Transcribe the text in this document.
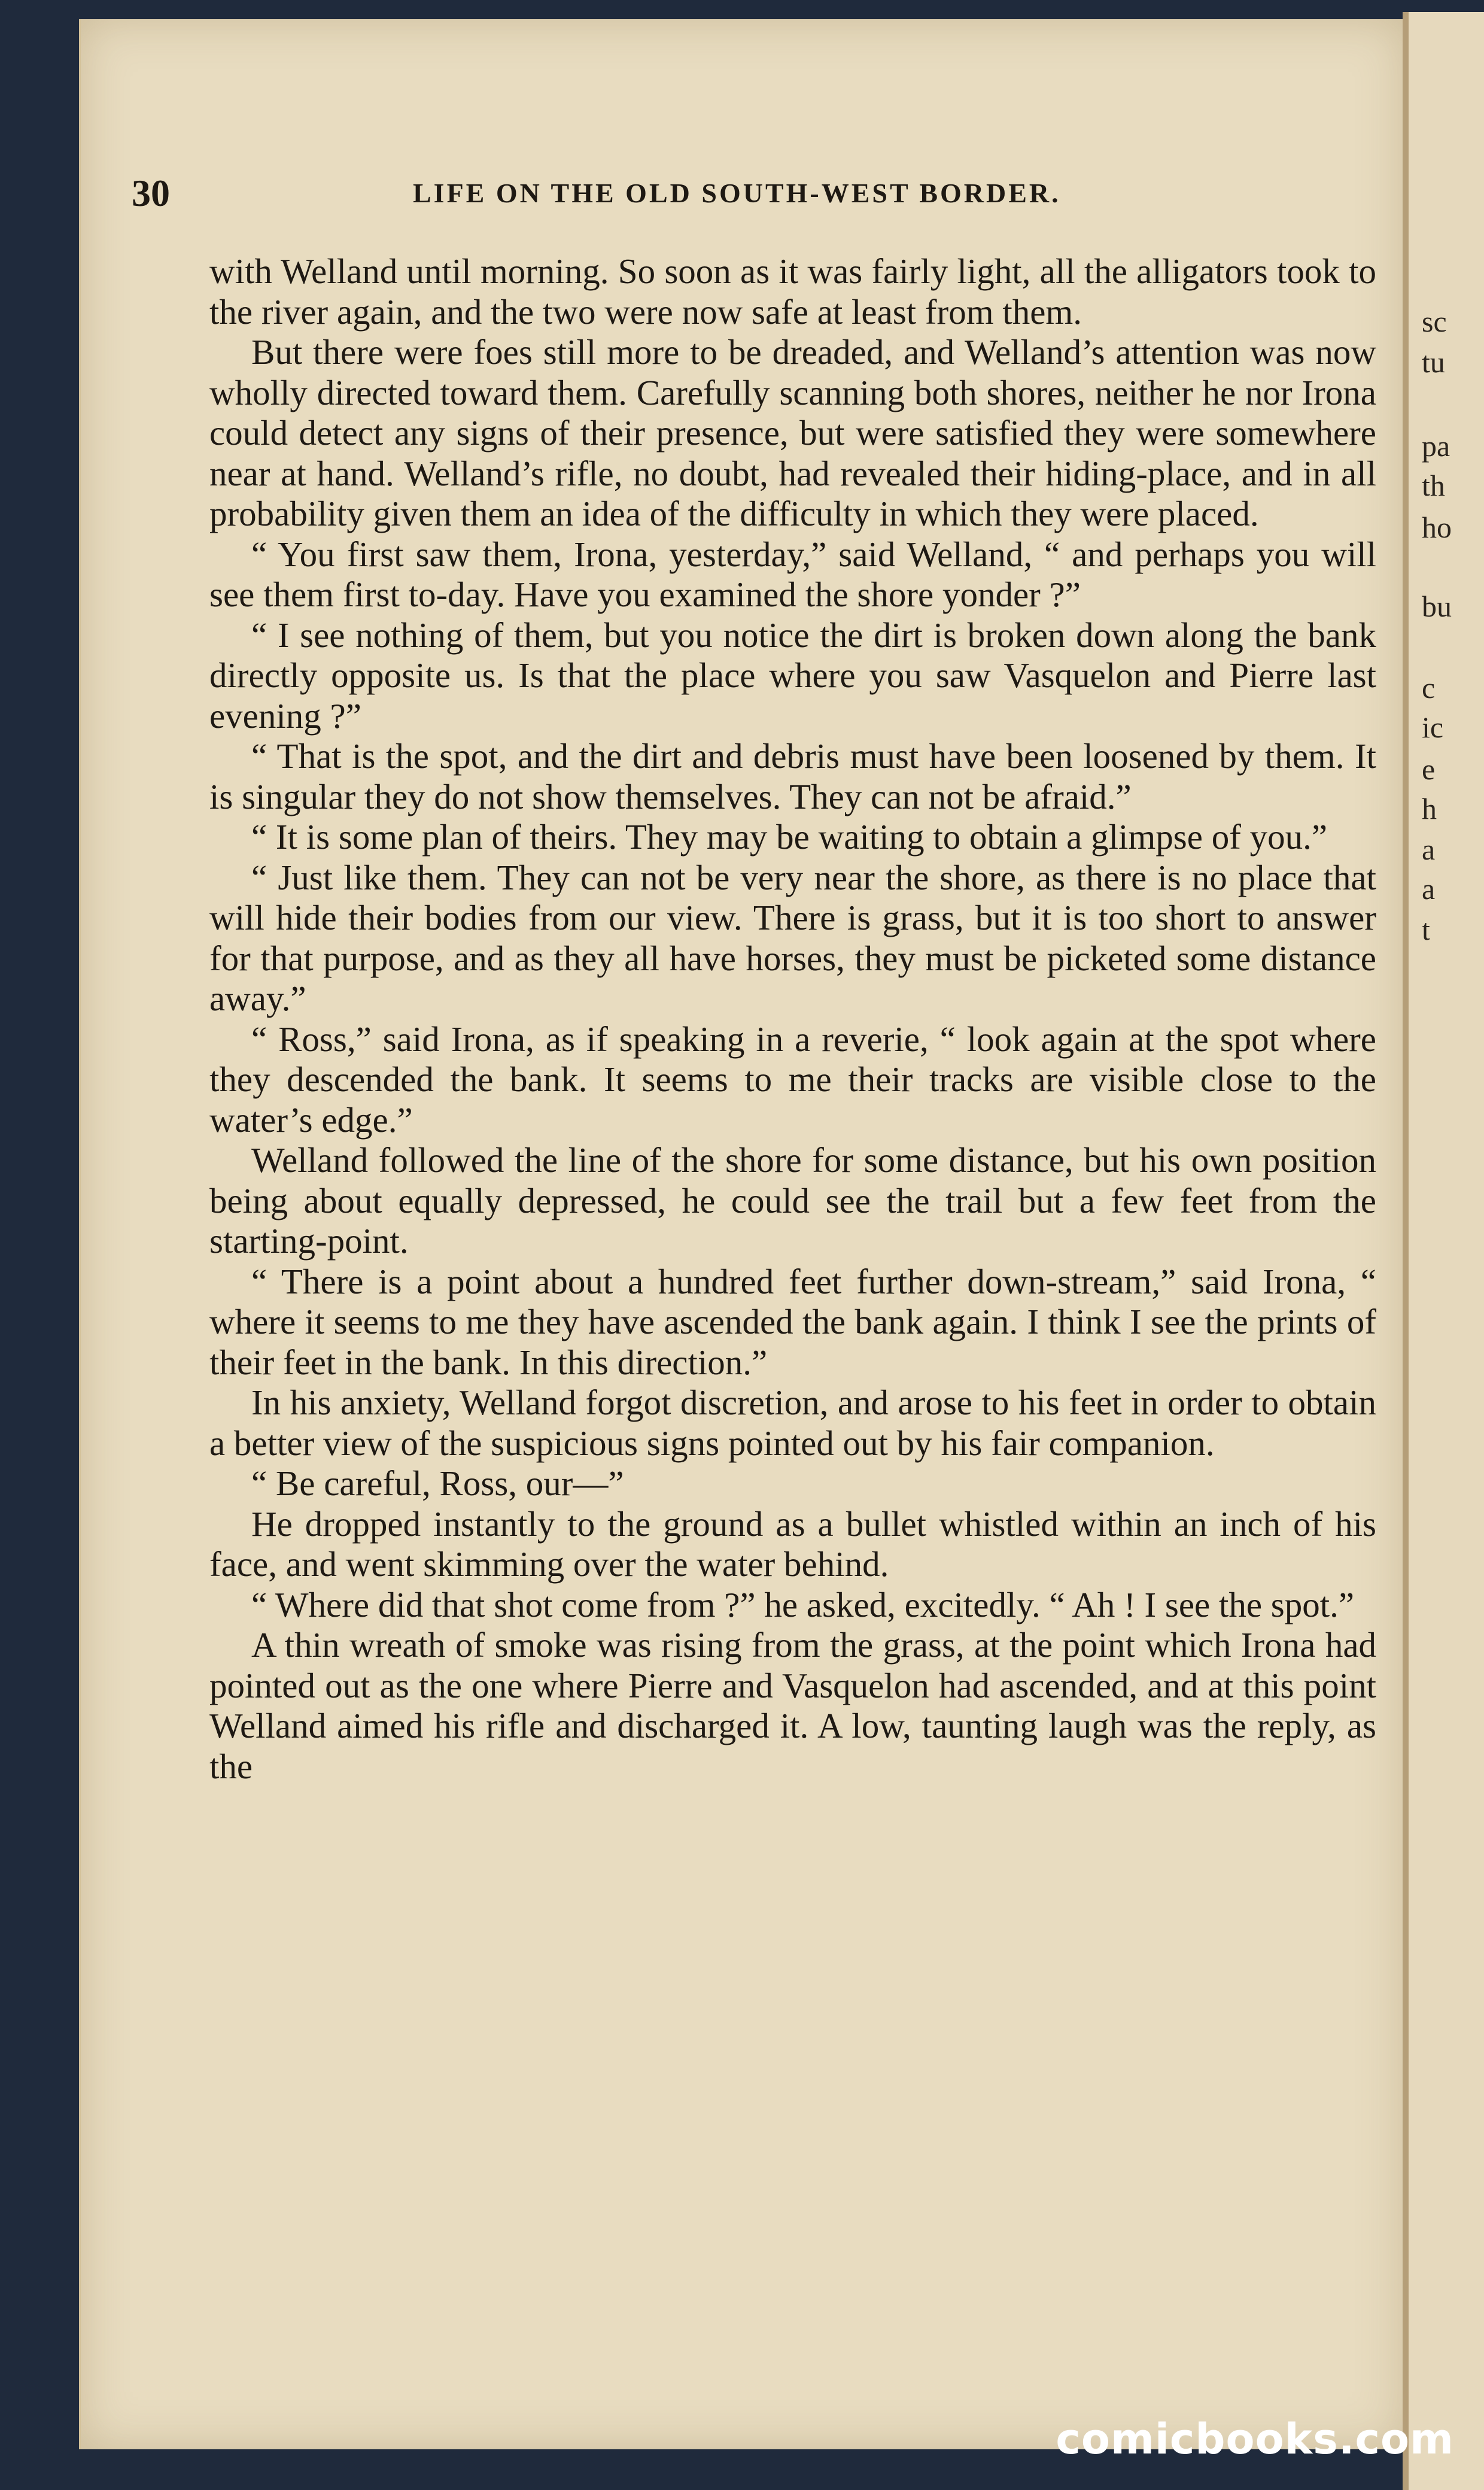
sc
tu
pa
th
ho
bu
c
ic
e
h
a
a
t
30	LIFE ON THE OLD SOUTH-WEST BORDER.

with Welland until morning. So soon as it was fairly light, all the alligators took to the river again, and the two were now safe at least from them.

But there were foes still more to be dreaded, and Welland’s attention was now wholly directed toward them. Carefully scanning both shores, neither he nor Irona could detect any signs of their presence, but were satisfied they were somewhere near at hand. Welland’s rifle, no doubt, had revealed their hiding-place, and in all probability given them an idea of the difficulty in which they were placed.

“ You first saw them, Irona, yesterday,” said Welland, “ and perhaps you will see them first to-day. Have you examined the shore yonder ?”

“ I see nothing of them, but you notice the dirt is broken down along the bank directly opposite us. Is that the place where you saw Vasquelon and Pierre last evening ?”

“ That is the spot, and the dirt and debris must have been loosened by them. It is singular they do not show themselves. They can not be afraid.”

“ It is some plan of theirs. They may be waiting to obtain a glimpse of you.”

“ Just like them. They can not be very near the shore, as there is no place that will hide their bodies from our view. There is grass, but it is too short to answer for that purpose, and as they all have horses, they must be picketed some distance away.”

“ Ross,” said Irona, as if speaking in a reverie, “ look again at the spot where they descended the bank. It seems to me their tracks are visible close to the water’s edge.”

Welland followed the line of the shore for some distance, but his own position being about equally depressed, he could see the trail but a few feet from the starting-point.

“ There is a point about a hundred feet further down-stream,” said Irona, “ where it seems to me they have ascended the bank again. I think I see the prints of their feet in the bank. In this direction.”

In his anxiety, Welland forgot discretion, and arose to his feet in order to obtain a better view of the suspicious signs pointed out by his fair companion.

“ Be careful, Ross, our—”

He dropped instantly to the ground as a bullet whistled within an inch of his face, and went skimming over the water behind.

“ Where did that shot come from ?” he asked, excitedly. “ Ah ! I see the spot.”

A thin wreath of smoke was rising from the grass, at the point which Irona had pointed out as the one where Pierre and Vasquelon had ascended, and at this point Welland aimed his rifle and discharged it. A low, taunting laugh was the reply, as the

comicbooks.com
